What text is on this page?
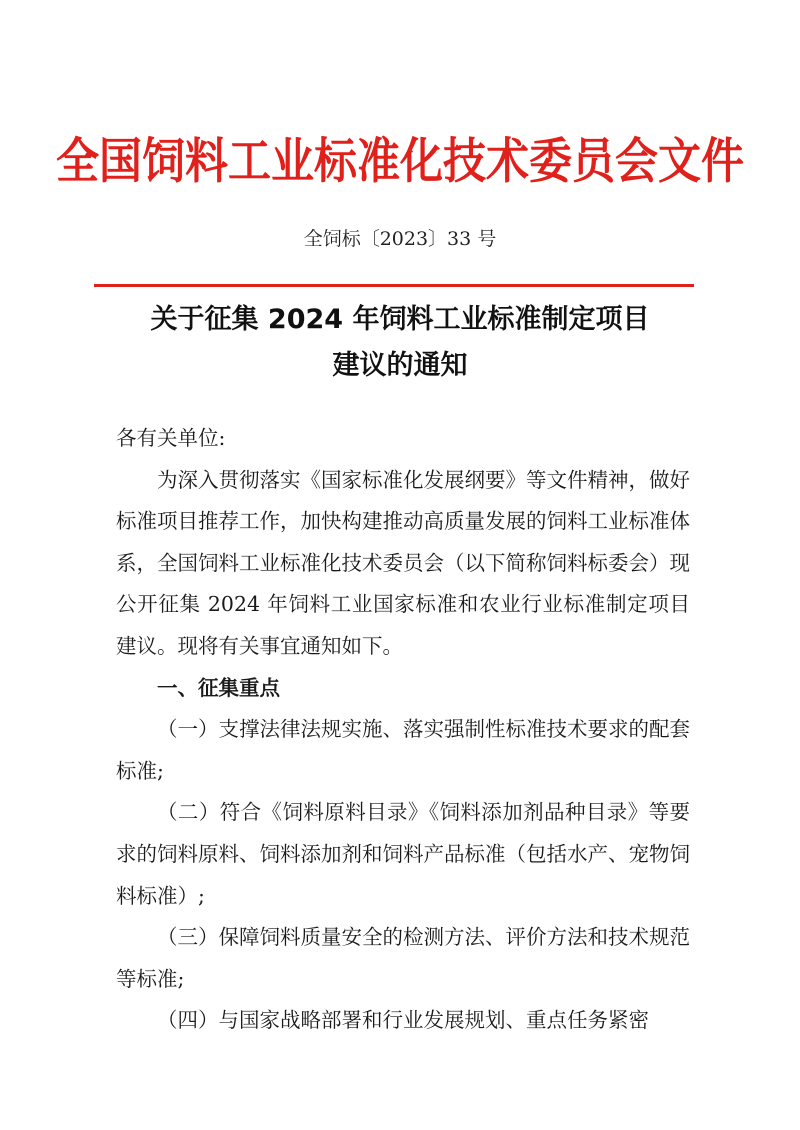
全国饲料工业标准化技术委员会文件
全饲标〔2023〕33 号
关于征集 2024 年饲料工业标准制定项目
建议的通知

各有关单位:

为深入贯彻落实《国家标准化发展纲要》等文件精神，做好标准项目推荐工作，加快构建推动高质量发展的饲料工业标准体系，全国饲料工业标准化技术委员会（以下简称饲料标委会）现公开征集 2024 年饲料工业国家标准和农业行业标准制定项目建议。现将有关事宜通知如下。

一、征集重点

（一）支撑法律法规实施、落实强制性标准技术要求的配套标准;

（二）符合《饲料原料目录》《饲料添加剂品种目录》等要求的饲料原料、饲料添加剂和饲料产品标准（包括水产、宠物饲料标准）;

（三）保障饲料质量安全的检测方法、评价方法和技术规范等标准;

（四）与国家战略部署和行业发展规划、重点任务紧密
